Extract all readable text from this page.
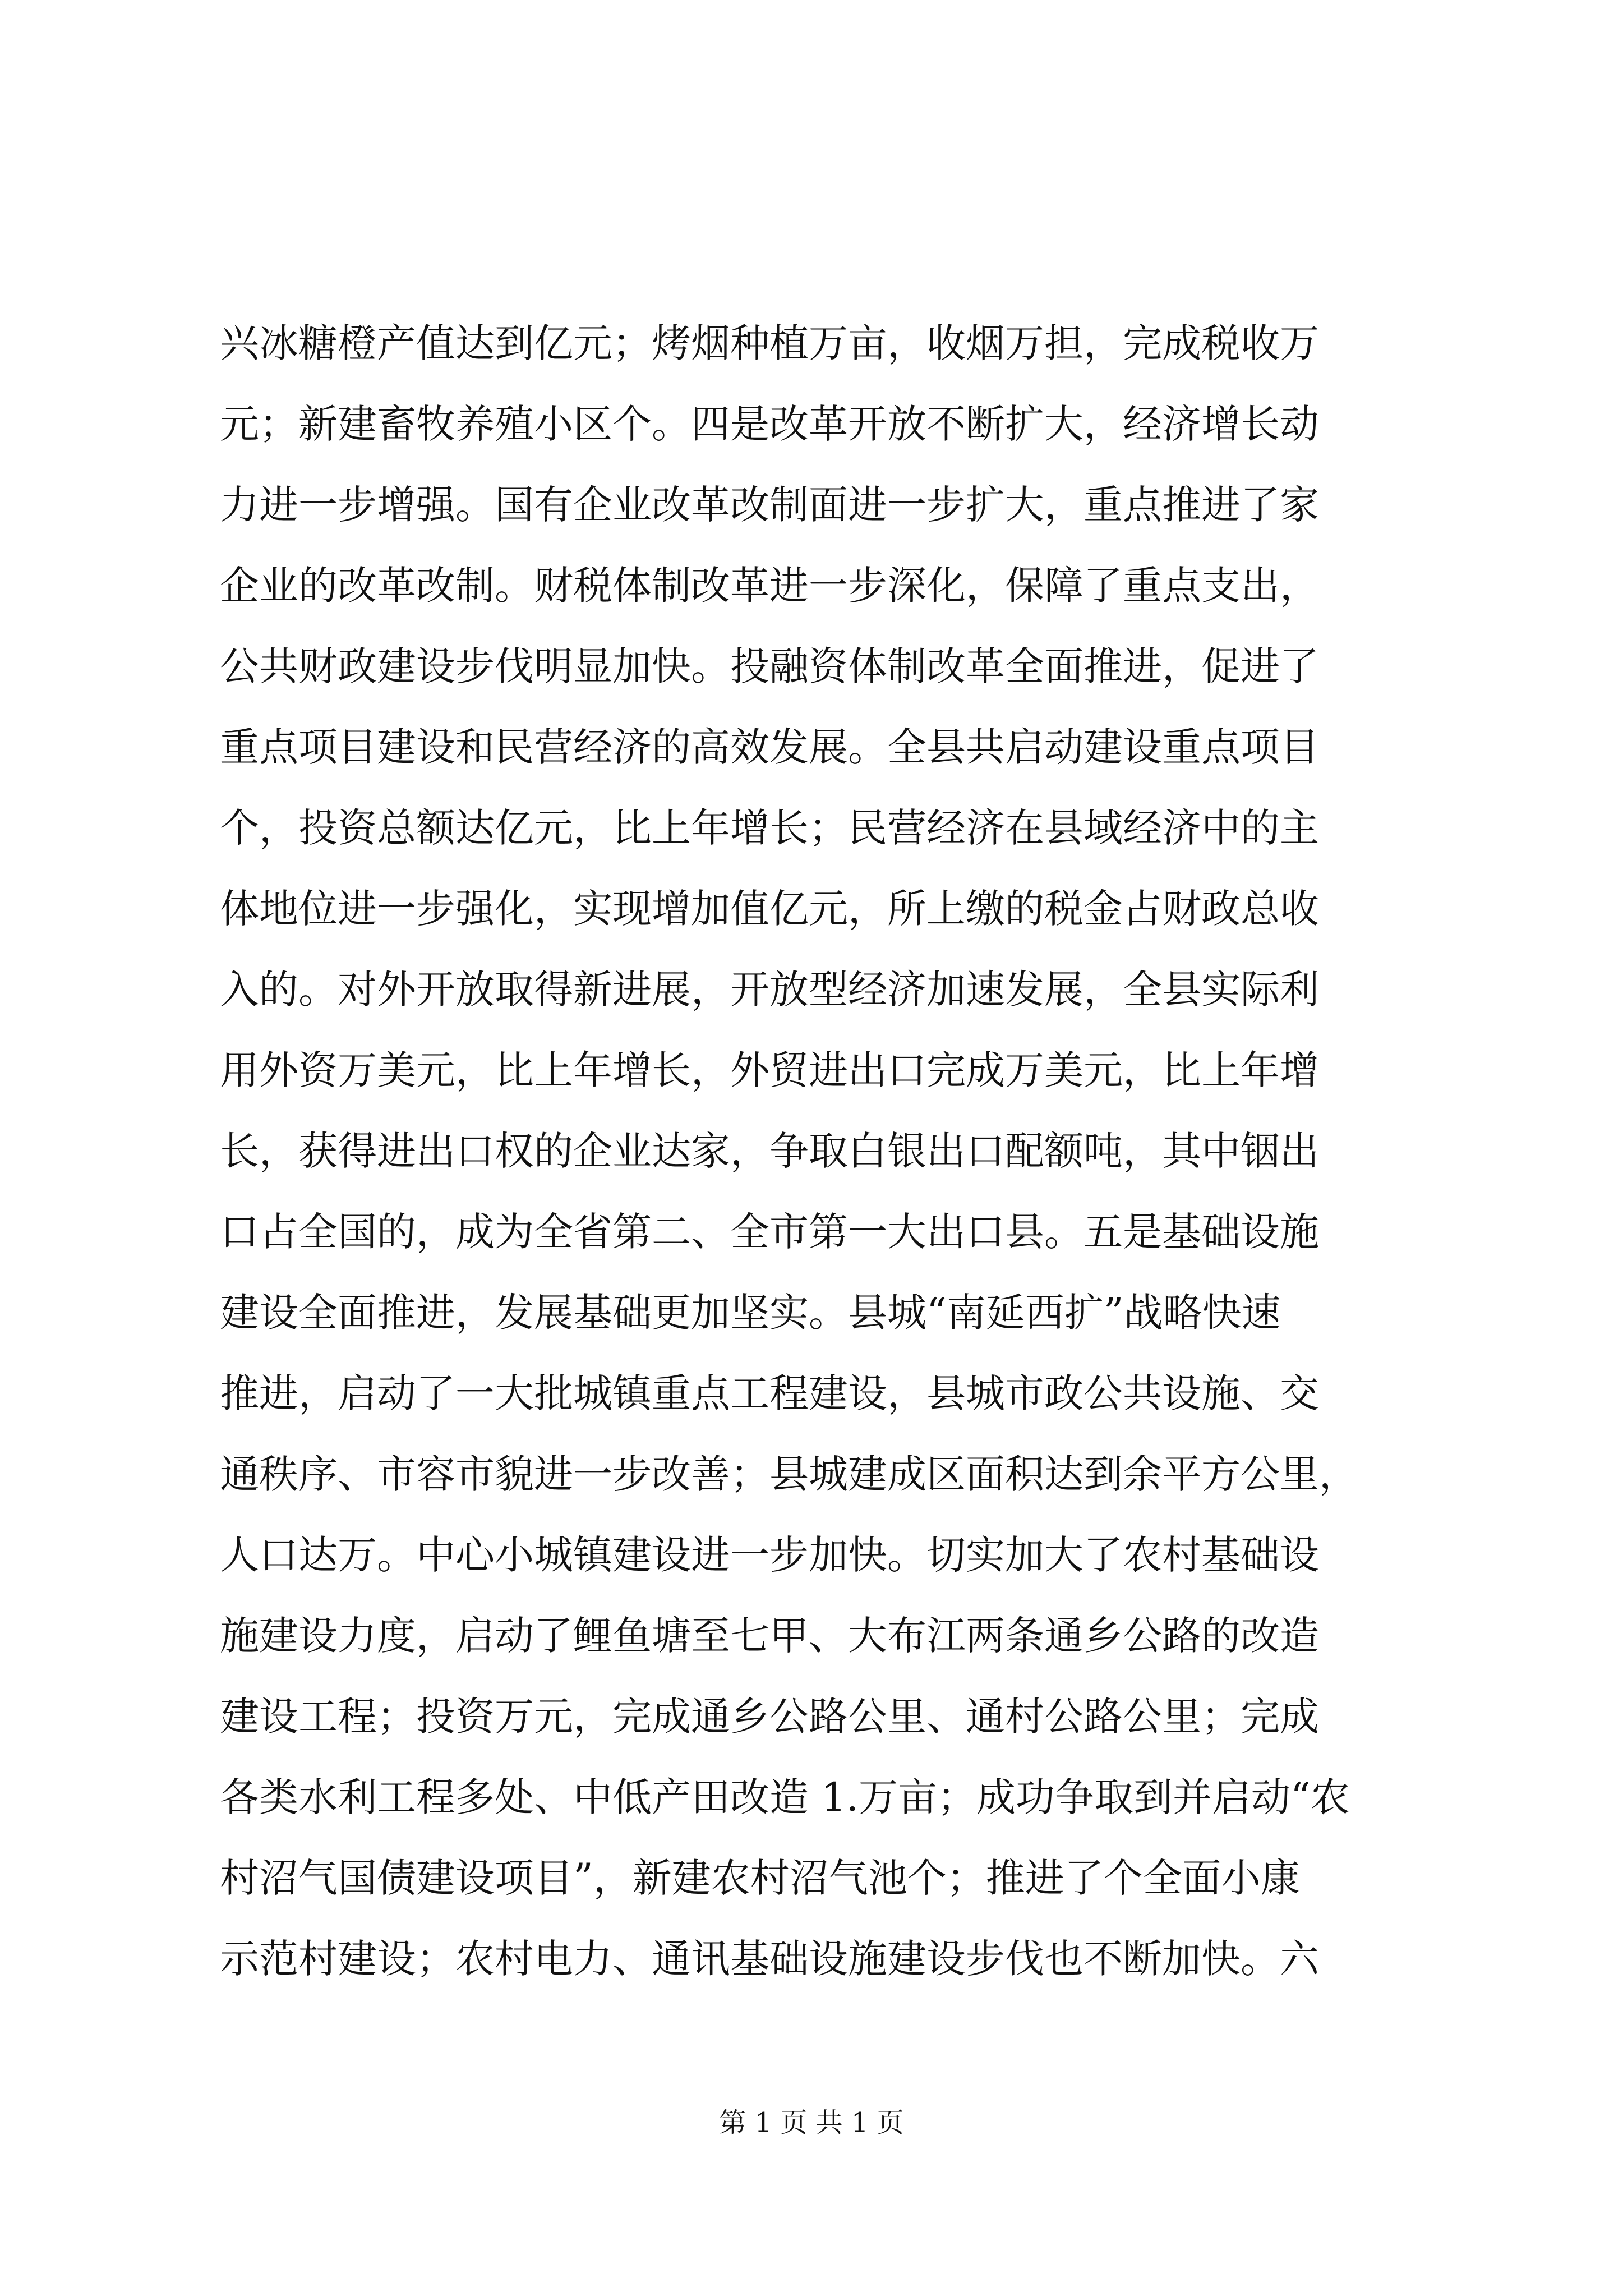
兴冰糖橙产值达到亿元；烤烟种植万亩，收烟万担，完成税收万
元；新建畜牧养殖小区个。四是改革开放不断扩大，经济增长动
力进一步增强。国有企业改革改制面进一步扩大，重点推进了家
企业的改革改制。财税体制改革进一步深化，保障了重点支出，
公共财政建设步伐明显加快。投融资体制改革全面推进，促进了
重点项目建设和民营经济的高效发展。全县共启动建设重点项目
个，投资总额达亿元，比上年增长；民营经济在县域经济中的主
体地位进一步强化，实现增加值亿元，所上缴的税金占财政总收
入的。对外开放取得新进展，开放型经济加速发展，全县实际利
用外资万美元，比上年增长，外贸进出口完成万美元，比上年增
长，获得进出口权的企业达家，争取白银出口配额吨，其中铟出
口占全国的，成为全省第二、全市第一大出口县。五是基础设施
建设全面推进，发展基础更加坚实。县城“南延西扩”战略快速
推进，启动了一大批城镇重点工程建设，县城市政公共设施、交
通秩序、市容市貌进一步改善；县城建成区面积达到余平方公里，
人口达万。中心小城镇建设进一步加快。切实加大了农村基础设
施建设力度，启动了鲤鱼塘至七甲、大布江两条通乡公路的改造
建设工程；投资万元，完成通乡公路公里、通村公路公里；完成
各类水利工程多处、中低产田改造 1.万亩；成功争取到并启动“农
村沼气国债建设项目”，新建农村沼气池个；推进了个全面小康
示范村建设；农村电力、通讯基础设施建设步伐也不断加快。六
第 1 页 共 1 页
